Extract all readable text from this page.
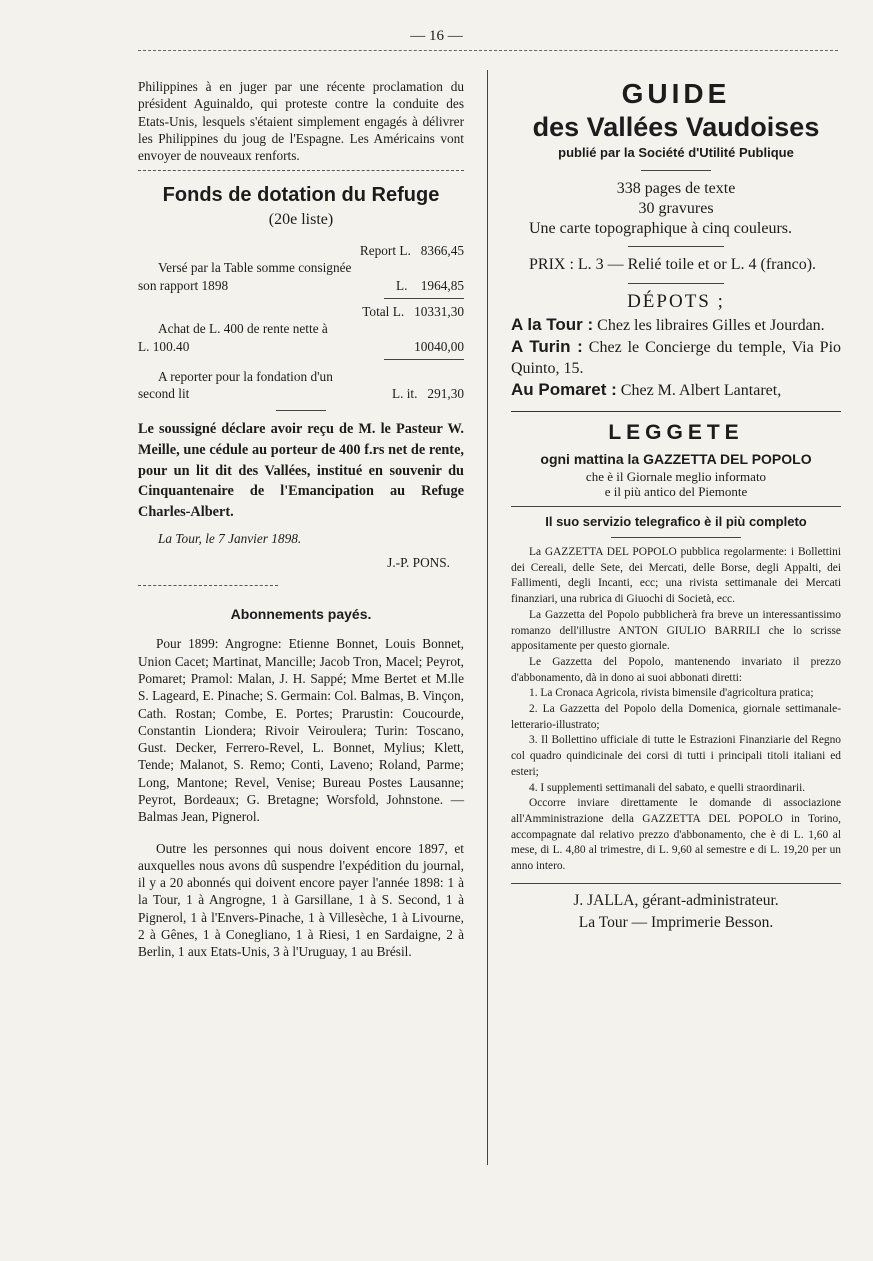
— 16 —

Philippines à en juger par une récente proclamation du président Aguinaldo, qui proteste contre la conduite des Etats-Unis, lesquels s'étaient simplement engagés à délivrer les Philippines du joug de l'Espagne. Les Américains vont envoyer de nouveaux renforts.

Fonds de dotation du Refuge

(20e liste)

Report L. 8366,45

Versé par la Table somme consignée

son rapport 1898	L. 1964,85

Total L. 10331,30

Achat de L. 400 de rente nette à

L. 100.40	10040,00

A reporter pour la fondation d'un

second lit	L. it. 291,30

Le soussigné déclare avoir reçu de M. le Pasteur W. Meille, une cédule au porteur de 400 f.rs net de rente, pour un lit dit des Vallées, institué en souvenir du Cinquantenaire de l'Emancipation au Refuge Charles-Albert.

La Tour, le 7 Janvier 1898.

J.-P. PONS.

Abonnements payés.

Pour 1899: Angrogne: Etienne Bonnet, Louis Bonnet, Union Cacet; Martinat, Mancille; Jacob Tron, Macel; Peyrot, Pomaret; Pramol: Malan, J. H. Sappé; Mme Bertet et M.lle S. Lageard, E. Pinache; S. Germain: Col. Balmas, B. Vinçon, Cath. Rostan; Combe, E. Portes; Prarustin: Coucourde, Constantin Liondera; Rivoir Veiroulera; Turin: Toscano, Gust. Decker, Ferrero-Revel, L. Bonnet, Mylius; Klett, Tende; Malanot, S. Remo; Conti, Laveno; Roland, Parme; Long, Mantone; Revel, Venise; Bureau Postes Lausanne; Peyrot, Bordeaux; G. Bretagne; Worsfold, Johnstone. — Balmas Jean, Pignerol.

Outre les personnes qui nous doivent encore 1897, et auxquelles nous avons dû suspendre l'expédition du journal, il y a 20 abonnés qui doivent encore payer l'année 1898: 1 à la Tour, 1 à Angrogne, 1 à Garsillane, 1 à S. Second, 1 à Pignerol, 1 à l'Envers-Pinache, 1 à Villesèche, 1 à Livourne, 2 à Gênes, 1 à Coneglianο, 1 à Riesi, 1 en Sardaigne, 2 à Berlin, 1 aux Etats-Unis, 3 à l'Uruguay, 1 au Brésil.

GUIDE

des Vallées Vaudoises

publié par la Société d'Utilité Publique

338 pages de texte

30 gravures

Une carte topographique à cinq couleurs.

PRIX : L. 3 — Relié toile et or L. 4 (franco).

DÉPOTS ;

A la Tour : Chez les libraires Gilles et Jourdan.

A Turin : Chez le Concierge du temple, Via Pio Quinto, 15.

Au Pomaret : Chez M. Albert Lantaret,

LEGGETE

ogni mattina la GAZZETTA DEL POPOLO

che è il Giornale meglio informato

e il più antico del Piemonte

Il suo servizio telegrafico è il più completo

La GAZZETTA DEL POPOLO pubblica regolarmente: i Bollettini dei Cereali, delle Sete, dei Mercati, delle Borse, degli Appalti, dei Fallimenti, degli Incanti, ecc; una rivista settimanale dei Mercati finanziari, una rubrica di Giuochi di Società, ecc.

La Gazzetta del Popolo pubblicherà fra breve un interessantissimo romanzo dell'illustre ANTON GIULIO BARRILI che lo scrisse appositamente per questo giornale.

Le Gazzetta del Popolo, mantenendo invariato il prezzo d'abbonamento, dà in dono ai suoi abbonati diretti:

1. La Cronaca Agricola, rivista bimensile d'agricoltura pratica;

2. La Gazzetta del Popolo della Domenica, giornale settimanale-letterario-illustrato;

3. Il Bollettino ufficiale di tutte le Estrazioni Finanziarie del Regno col quadro quindicinale dei corsi di tutti i principali titoli italiani ed esteri;

4. I supplementi settimanali del sabato, e quelli straordinarii.

Occorre inviare direttamente le domande di associazione all'Amministrazione della GAZZETTA DEL POPOLO in Torino, accompagnate dal relativo prezzo d'abbonamento, che è di L. 1,60 al mese, di L. 4,80 al trimestre, di L. 9,60 al semestre e di L. 19,20 per un anno intero.

J. JALLA, gérant-administrateur.

La Tour — Imprimerie Besson.
